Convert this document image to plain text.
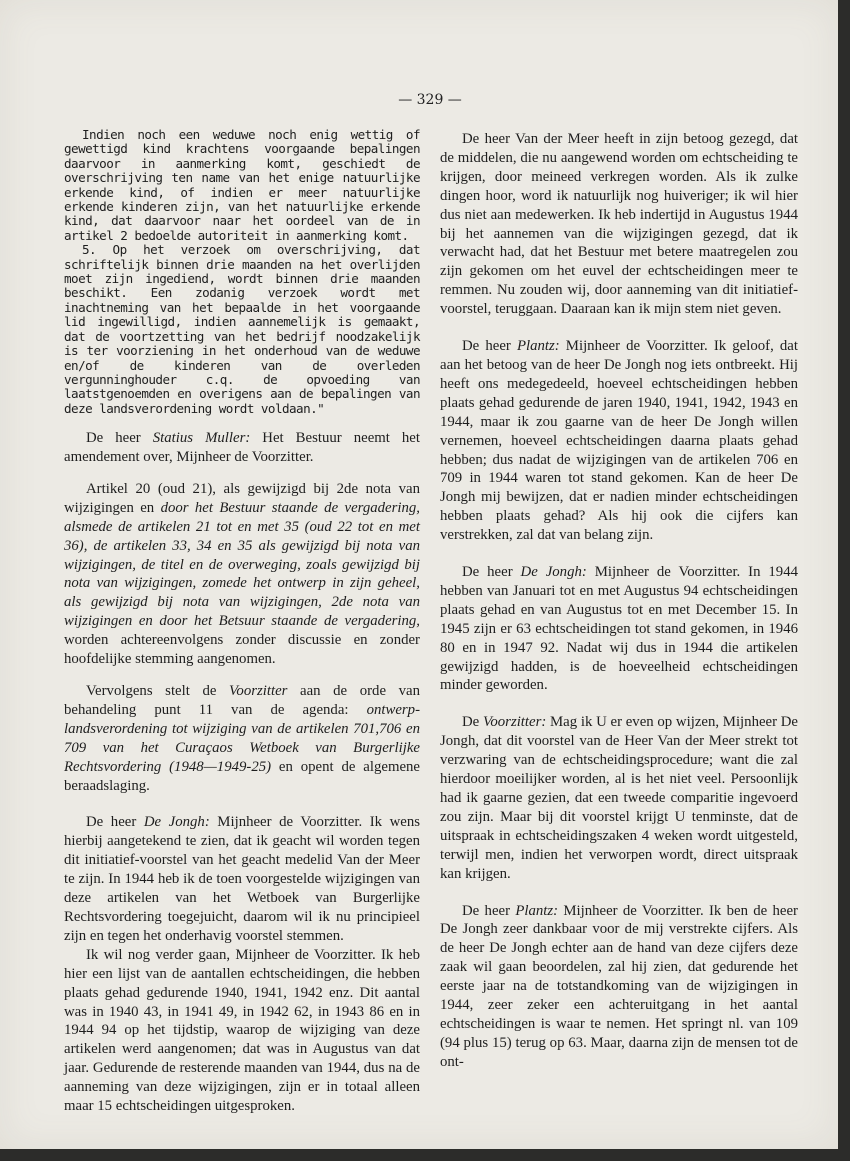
— 329 —

Indien noch een weduwe noch enig wettig of gewettigd kind krachtens voorgaande bepalingen daarvoor in aanmerking komt, geschiedt de overschrijving ten name van het enige natuurlijke erkende kind, of indien er meer natuurlijke erkende kinderen zijn, van het natuurlijke erkende kind, dat daarvoor naar het oordeel van de in artikel 2 bedoelde autoriteit in aanmerking komt.

5. Op het verzoek om overschrijving, dat schriftelijk binnen drie maanden na het overlijden moet zijn ingediend, wordt binnen drie maanden beschikt. Een zodanig verzoek wordt met inachtneming van het bepaalde in het voorgaande lid ingewilligd, indien aannemelijk is gemaakt, dat de voortzetting van het bedrijf noodzakelijk is ter voorziening in het onderhoud van de weduwe en/of de kinderen van de overleden vergunninghouder c.q. de opvoeding van laatstgenoemden en overigens aan de bepalingen van deze landsverordening wordt voldaan."

De heer Statius Muller: Het Bestuur neemt het amendement over, Mijnheer de Voorzitter.

Artikel 20 (oud 21), als gewijzigd bij 2de nota van wijzigingen en door het Bestuur staande de vergadering, alsmede de artikelen 21 tot en met 35 (oud 22 tot en met 36), de artikelen 33, 34 en 35 als gewijzigd bij nota van wijzigingen, de titel en de overweging, zoals gewijzigd bij nota van wijzigingen, zomede het ontwerp in zijn geheel, als gewijzigd bij nota van wijzigingen, 2de nota van wijzigingen en door het Betsuur staande de vergadering, worden achtereenvolgens zonder discussie en zonder hoofdelijke stemming aangenomen.

Vervolgens stelt de Voorzitter aan de orde van behandeling punt 11 van de agenda: ontwerp-landsverordening tot wijziging van de artikelen 701,706 en 709 van het Curaçaos Wetboek van Burgerlijke Rechtsvordering (1948—1949-25) en opent de algemene beraadslaging.

De heer De Jongh: Mijnheer de Voorzitter. Ik wens hierbij aangetekend te zien, dat ik geacht wil worden tegen dit initiatief-voorstel van het geacht medelid Van der Meer te zijn. In 1944 heb ik de toen voorgestelde wijzigingen van deze artikelen van het Wetboek van Burgerlijke Rechtsvordering toegejuicht, daarom wil ik nu principieel zijn en tegen het onderhavig voorstel stemmen.

Ik wil nog verder gaan, Mijnheer de Voorzitter. Ik heb hier een lijst van de aantallen echtscheidingen, die hebben plaats gehad gedurende 1940, 1941, 1942 enz. Dit aantal was in 1940 43, in 1941 49, in 1942 62, in 1943 86 en in 1944 94 op het tijdstip, waarop de wijziging van deze artikelen werd aangenomen; dat was in Augustus van dat jaar. Gedurende de resterende maanden van 1944, dus na de aanneming van deze wijzigingen, zijn er in totaal alleen maar 15 echtscheidingen uitgesproken.

De heer Van der Meer heeft in zijn betoog gezegd, dat de middelen, die nu aangewend worden om echtscheiding te krijgen, door meineed verkregen worden. Als ik zulke dingen hoor, word ik natuurlijk nog huiveriger; ik wil hier dus niet aan medewerken. Ik heb indertijd in Augustus 1944 bij het aannemen van die wijzigingen gezegd, dat ik verwacht had, dat het Bestuur met betere maatregelen zou zijn gekomen om het euvel der echtscheidingen meer te remmen. Nu zouden wij, door aanneming van dit initiatief-voorstel, teruggaan. Daaraan kan ik mijn stem niet geven.

De heer Plantz: Mijnheer de Voorzitter. Ik geloof, dat aan het betoog van de heer De Jongh nog iets ontbreekt. Hij heeft ons medegedeeld, hoeveel echtscheidingen hebben plaats gehad gedurende de jaren 1940, 1941, 1942, 1943 en 1944, maar ik zou gaarne van de heer De Jongh willen vernemen, hoeveel echtscheidingen daarna plaats gehad hebben; dus nadat de wijzigingen van de artikelen 706 en 709 in 1944 waren tot stand gekomen. Kan de heer De Jongh mij bewijzen, dat er nadien minder echtscheidingen hebben plaats gehad? Als hij ook die cijfers kan verstrekken, zal dat van belang zijn.

De heer De Jongh: Mijnheer de Voorzitter. In 1944 hebben van Januari tot en met Augustus 94 echtscheidingen plaats gehad en van Augustus tot en met December 15. In 1945 zijn er 63 echtscheidingen tot stand gekomen, in 1946 80 en in 1947 92. Nadat wij dus in 1944 die artikelen gewijzigd hadden, is de hoeveelheid echtscheidingen minder geworden.

De Voorzitter: Mag ik U er even op wijzen, Mijnheer De Jongh, dat dit voorstel van de Heer Van der Meer strekt tot verzwaring van de echtscheidingsprocedure; want die zal hierdoor moeilijker worden, al is het niet veel. Persoonlijk had ik gaarne gezien, dat een tweede comparitie ingevoerd zou zijn. Maar bij dit voorstel krijgt U tenminste, dat de uitspraak in echtscheidingszaken 4 weken wordt uitgesteld, terwijl men, indien het verworpen wordt, direct uitspraak kan krijgen.

De heer Plantz: Mijnheer de Voorzitter. Ik ben de heer De Jongh zeer dankbaar voor de mij verstrekte cijfers. Als de heer De Jongh echter aan de hand van deze cijfers deze zaak wil gaan beoordelen, zal hij zien, dat gedurende het eerste jaar na de totstandkoming van de wijzigingen in 1944, zeer zeker een achteruitgang in het aantal echtscheidingen is waar te nemen. Het springt nl. van 109 (94 plus 15) terug op 63. Maar, daarna zijn de mensen tot de ont-
